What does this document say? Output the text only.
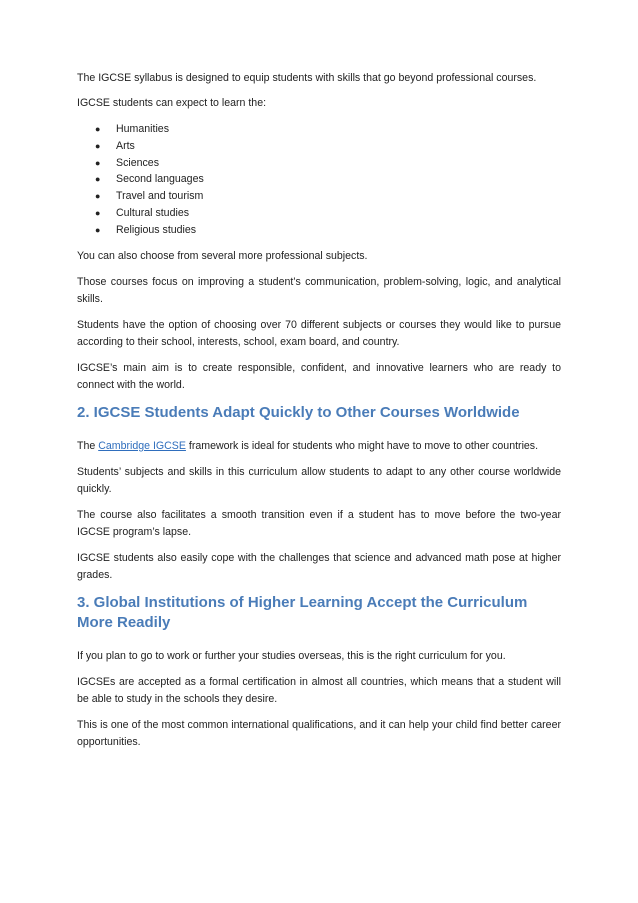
The IGCSE syllabus is designed to equip students with skills that go beyond professional courses.

IGCSE students can expect to learn the:

● Humanities
● Arts
● Sciences
● Second languages
● Travel and tourism
● Cultural studies
● Religious studies

You can also choose from several more professional subjects.

Those courses focus on improving a student’s communication, problem-solving, logic, and analytical skills.

Students have the option of choosing over 70 different subjects or courses they would like to pursue according to their school, interests, school, exam board, and country.

IGCSE’s main aim is to create responsible, confident, and innovative learners who are ready to connect with the world.

2. IGCSE Students Adapt Quickly to Other Courses Worldwide

The Cambridge IGCSE framework is ideal for students who might have to move to other countries.

Students’ subjects and skills in this curriculum allow students to adapt to any other course worldwide quickly.

The course also facilitates a smooth transition even if a student has to move before the two-year IGCSE program’s lapse.

IGCSE students also easily cope with the challenges that science and advanced math pose at higher grades.

3. Global Institutions of Higher Learning Accept the Curriculum More Readily

If you plan to go to work or further your studies overseas, this is the right curriculum for you.

IGCSEs are accepted as a formal certification in almost all countries, which means that a student will be able to study in the schools they desire.

This is one of the most common international qualifications, and it can help your child find better career opportunities.
